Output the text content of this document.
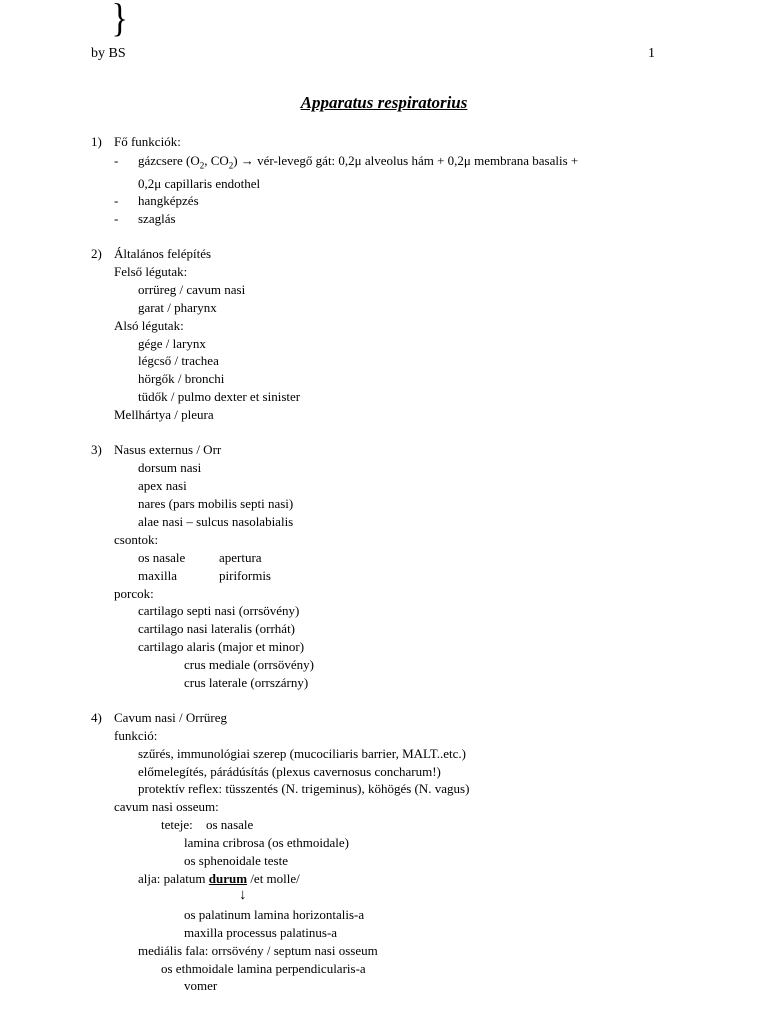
}
by BS	1
Apparatus respiratorius
1) Fő funkciók:
- gázcsere ($O_2$, $CO_2$) → vér-levegő gát: 0,2μ alveolus hám + 0,2μ membrana basalis +
0,2μ capillaris endothel
- hangképzés
- szaglás
2) Általános felépítés
Felső légutak:
orrüreg / cavum nasi
garat / pharynx
Alsó légutak:
gége / larynx
légcső / trachea
hörgők / bronchi
tüdők / pulmo dexter et sinister
Mellhártya / pleura
3) Nasus externus / Orr
dorsum nasi
apex nasi
nares (pars mobilis septi nasi)
alae nasi – sulcus nasolabialis
csontok:
os nasale	apertura
maxilla	piriformis
porcok:
cartilago septi nasi (orrsövény)
cartilago nasi lateralis (orrhát)
cartilago alaris (major et minor)
crus mediale (orrsövény)
crus laterale (orrszárny)
4) Cavum nasi / Orrüreg
funkció:
szűrés, immunológiai szerep (mucociliaris barrier, MALT..etc.)
előmelegítés, párádúsítás (plexus cavernosus concharum!)
protektív reflex: tüsszentés (N. trigeminus), köhögés (N. vagus)
cavum nasi osseum:
teteje: os nasale
lamina cribrosa (os ethmoidale)
os sphenoidale teste
alja: palatum durum /et molle/
↓
os palatinum lamina horizontalis-a
maxilla processus palatinus-a
mediális fala: orrsövény / septum nasi osseum
os ethmoidale lamina perpendicularis-a
vomer
